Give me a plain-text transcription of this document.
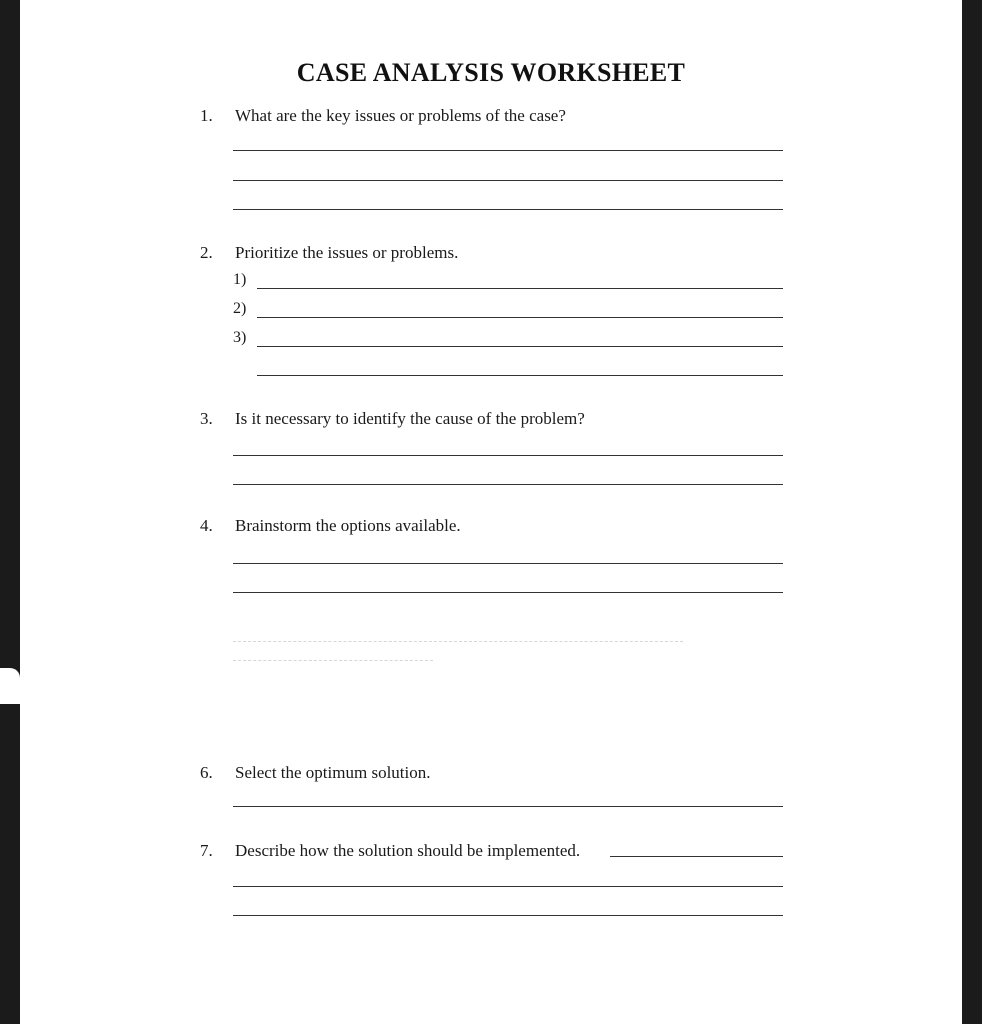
CASE ANALYSIS WORKSHEET
1. What are the key issues or problems of the case?
2. Prioritize the issues or problems.
1)
2)
3)
3. Is it necessary to identify the cause of the problem?
4. Brainstorm the options available.
6. Select the optimum solution.
7. Describe how the solution should be implemented.
